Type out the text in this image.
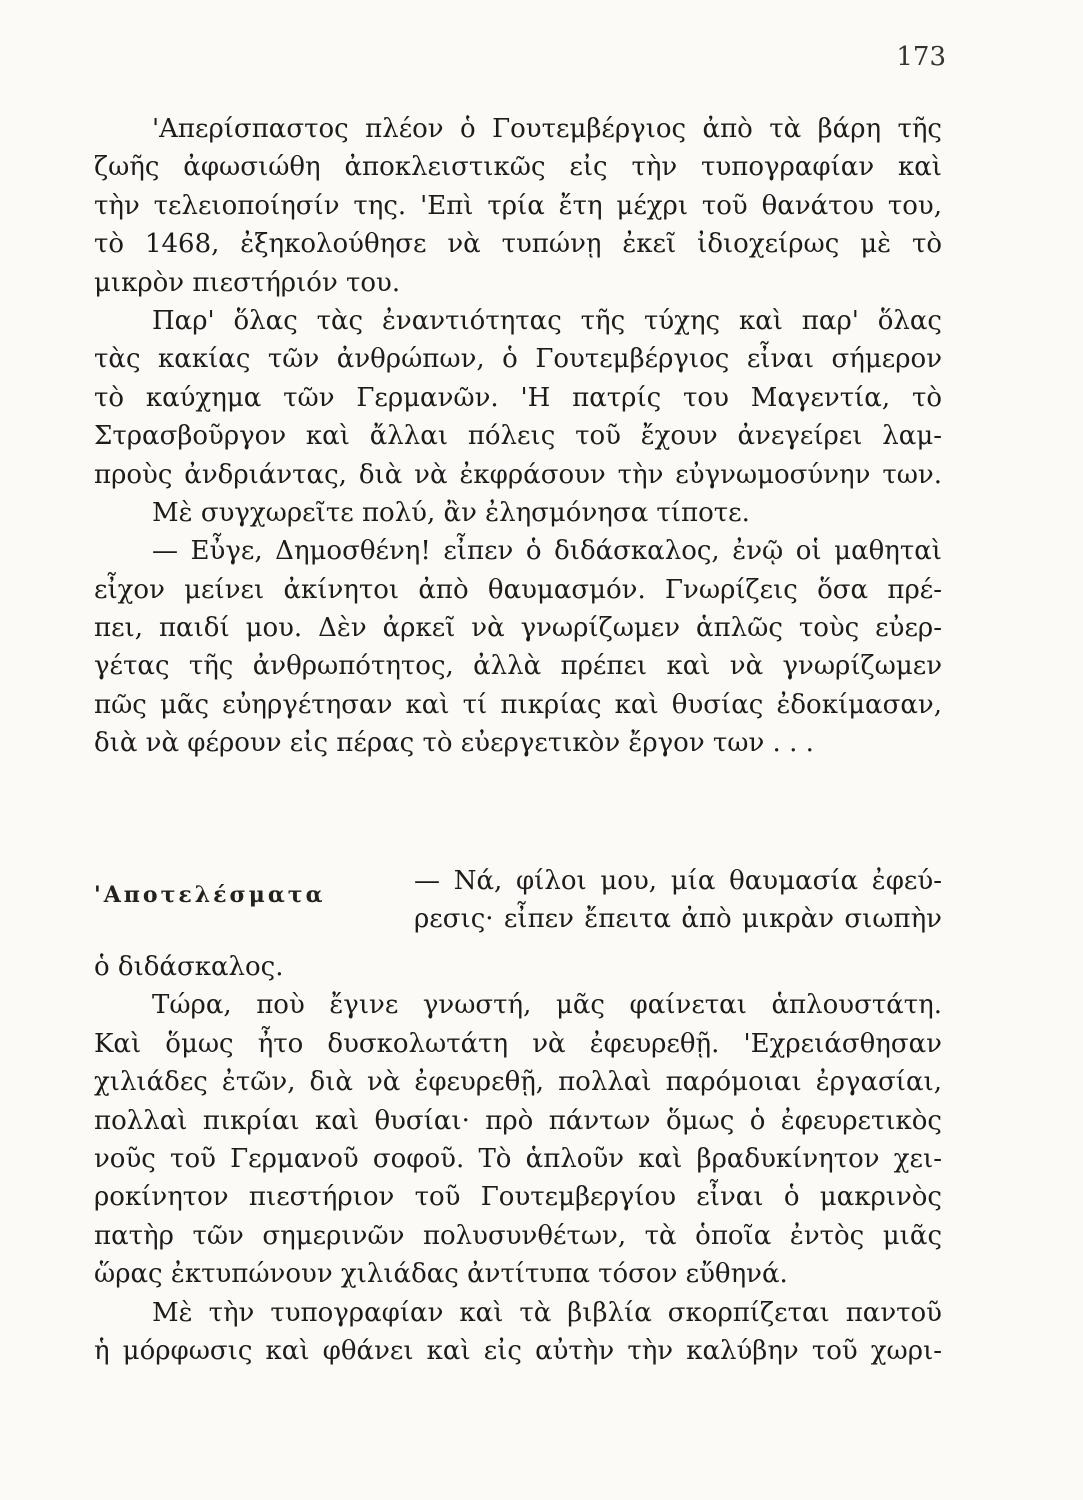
173
'Απερίσπαστος πλέον ὁ Γουτεμβέργιος ἀπὸ τὰ βάρη τῆς
ζωῆς ἀφωσιώθη ἀποκλειστικῶς εἰς τὴν τυπογραφίαν καὶ
τὴν τελειοποίησίν της. 'Επὶ τρία ἔτη μέχρι τοῦ θανάτου του,
τὸ 1468, ἐξηκολούθησε νὰ τυπώνῃ ἐκεῖ ἰδιοχείρως μὲ τὸ
μικρὸν πιεστήριόν του.
Παρ' ὅλας τὰς ἐναντιότητας τῆς τύχης καὶ παρ' ὅλας
τὰς κακίας τῶν ἀνθρώπων, ὁ Γουτεμβέργιος εἶναι σήμερον
τὸ καύχημα τῶν Γερμανῶν. 'Η πατρίς του Μαγεντία, τὸ
Στρασβοῦργον καὶ ἄλλαι πόλεις τοῦ ἔχουν ἀνεγείρει λαμ-
προὺς ἀνδριάντας, διὰ νὰ ἐκφράσουν τὴν εὐγνωμοσύνην των.
Μὲ συγχωρεῖτε πολύ, ἂν ἐλησμόνησα τίποτε.
— Εὖγε, Δημοσθένη! εἶπεν ὁ διδάσκαλος, ἐνῷ οἱ μαθηταὶ
εἶχον μείνει ἀκίνητοι ἀπὸ θαυμασμόν. Γνωρίζεις ὅσα πρέ-
πει, παιδί μου. Δὲν ἀρκεῖ νὰ γνωρίζωμεν ἁπλῶς τοὺς εὐερ-
γέτας τῆς ἀνθρωπότητος, ἀλλὰ πρέπει καὶ νὰ γνωρίζωμεν
πῶς μᾶς εὐηργέτησαν καὶ τί πικρίας καὶ θυσίας ἐδοκίμασαν,
διὰ νὰ φέρουν εἰς πέρας τὸ εὐεργετικὸν ἔργον των . . .
'Αποτελέσματα	— Νά, φίλοι μου, μία θαυμασία ἐφεύ-
ρεσις· εἶπεν ἔπειτα ἀπὸ μικρὰν σιωπὴν
ὁ διδάσκαλος.
Τώρα, ποὺ ἔγινε γνωστή, μᾶς φαίνεται ἁπλουστάτη.
Καὶ ὅμως ἦτο δυσκολωτάτη νὰ ἐφευρεθῇ. 'Εχρειάσθησαν
χιλιάδες ἐτῶν, διὰ νὰ ἐφευρεθῇ, πολλαὶ παρόμοιαι ἐργασίαι,
πολλαὶ πικρίαι καὶ θυσίαι· πρὸ πάντων ὅμως ὁ ἐφευρετικὸς
νοῦς τοῦ Γερμανοῦ σοφοῦ. Τὸ ἁπλοῦν καὶ βραδυκίνητον χει-
ροκίνητον πιεστήριον τοῦ Γουτεμβεργίου εἶναι ὁ μακρινὸς
πατὴρ τῶν σημερινῶν πολυσυνθέτων, τὰ ὁποῖα ἐντὸς μιᾶς
ὥρας ἐκτυπώνουν χιλιάδας ἀντίτυπα τόσον εὔθηνά.
Μὲ τὴν τυπογραφίαν καὶ τὰ βιβλία σκορπίζεται παντοῦ
ἡ μόρφωσις καὶ φθάνει καὶ εἰς αὐτὴν τὴν καλύβην τοῦ χωρι-
